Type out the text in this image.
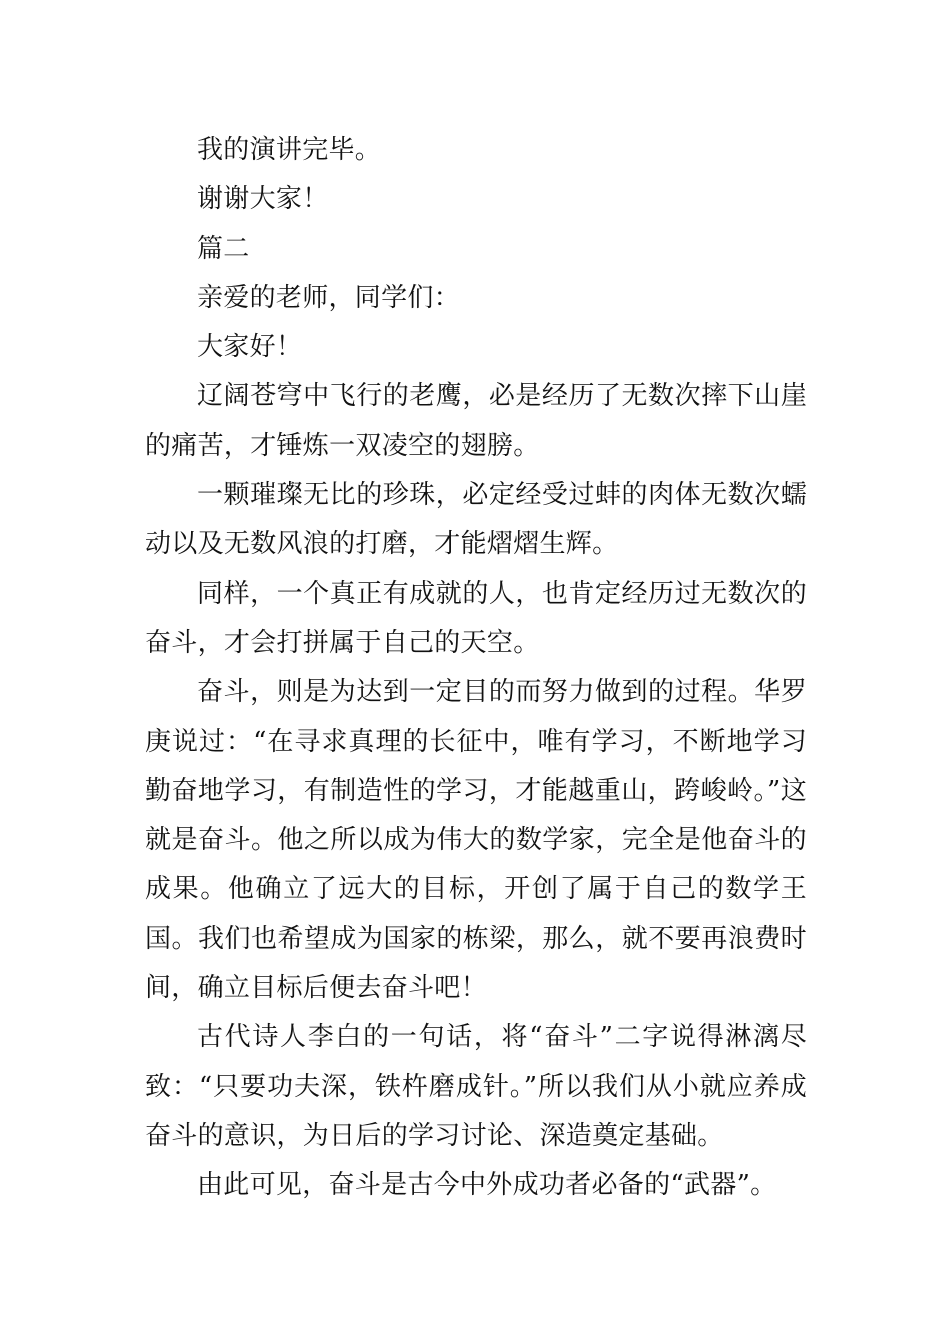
我的演讲完毕。

谢谢大家！

篇二

亲爱的老师，同学们：

大家好！

辽阔苍穹中飞行的老鹰，必是经历了无数次摔下山崖的痛苦，才锤炼一双凌空的翅膀。

一颗璀璨无比的珍珠，必定经受过蚌的肉体无数次蠕动以及无数风浪的打磨，才能熠熠生辉。

同样，一个真正有成就的人，也肯定经历过无数次的奋斗，才会打拼属于自己的天空。

奋斗，则是为达到一定目的而努力做到的过程。华罗庚说过：“在寻求真理的长征中，唯有学习，不断地学习勤奋地学习，有制造性的学习，才能越重山，跨峻岭。”这就是奋斗。他之所以成为伟大的数学家，完全是他奋斗的成果。他确立了远大的目标，开创了属于自己的数学王国。我们也希望成为国家的栋梁，那么，就不要再浪费时间，确立目标后便去奋斗吧！

古代诗人李白的一句话，将“奋斗”二字说得淋漓尽致：“只要功夫深，铁杵磨成针。”所以我们从小就应养成奋斗的意识，为日后的学习讨论、深造奠定基础。

由此可见，奋斗是古今中外成功者必备的“武器”。
